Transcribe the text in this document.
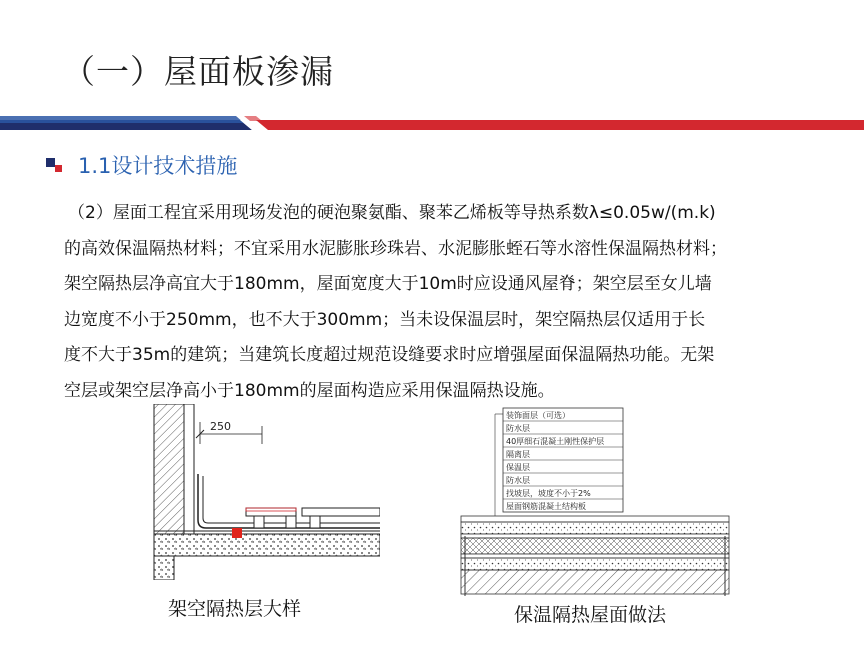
（一）屋面板渗漏
1.1设计技术措施
（2）屋面工程宜采用现场发泡的硬泡聚氨酯、聚苯乙烯板等导热系数λ≤0.05w/(m.k)
的高效保温隔热材料；不宜采用水泥膨胀珍珠岩、水泥膨胀蛭石等水溶性保温隔热材料；
架空隔热层净高宜大于180mm，屋面宽度大于10m时应设通风屋脊；架空层至女儿墙
边宽度不小于250mm，也不大于300mm；当未设保温层时，架空隔热层仅适用于长
度不大于35m的建筑；当建筑长度超过规范设缝要求时应增强屋面保温隔热功能。无架
空层或架空层净高小于180mm的屋面构造应采用保温隔热设施。
250
架空隔热层大样
装饰面层（可选）
防水层
40厚细石混凝土刚性保护层
隔离层
保温层
防水层
找坡层，坡度不小于2%
屋面钢筋混凝土结构板
保温隔热屋面做法
